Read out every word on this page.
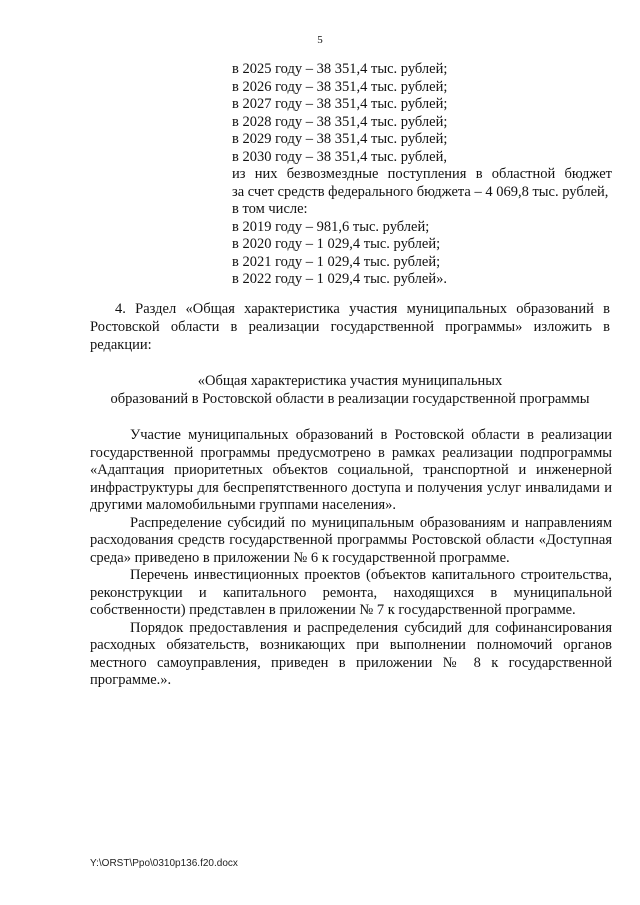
5
в 2025 году – 38 351,4 тыс. рублей;
в 2026 году – 38 351,4 тыс. рублей;
в 2027 году – 38 351,4 тыс. рублей;
в 2028 году – 38 351,4 тыс. рублей;
в 2029 году – 38 351,4 тыс. рублей;
в 2030 году – 38 351,4 тыс. рублей,
из них безвозмездные поступления в областной бюджет
за счет средств федерального бюджета – 4 069,8 тыс. рублей,
в том числе:
в 2019 году – 981,6 тыс. рублей;
в 2020 году – 1 029,4 тыс. рублей;
в 2021 году – 1 029,4 тыс. рублей;
в 2022 году – 1 029,4 тыс. рублей».
4. Раздел «Общая характеристика участия муниципальных образований в Ростовской области в реализации государственной программы» изложить в редакции:
«Общая характеристика участия муниципальных
образований в Ростовской области в реализации государственной программы

Участие муниципальных образований в Ростовской области в реализации государственной программы предусмотрено в рамках реализации подпрограммы «Адаптация приоритетных объектов социальной, транспортной и инженерной инфраструктуры для беспрепятственного доступа и получения услуг инвалидами и другими маломобильными группами населения».

Распределение субсидий по муниципальным образованиям и направлениям расходования средств государственной программы Ростовской области «Доступная среда» приведено в приложении № 6 к государственной программе.

Перечень инвестиционных проектов (объектов капитального строительства, реконструкции и капитального ремонта, находящихся в муниципальной собственности) представлен в приложении № 7 к государственной программе.

Порядок предоставления и распределения субсидий для софинансирования расходных обязательств, возникающих при выполнении полномочий органов местного самоуправления, приведен в приложении № 8 к государственной программе.».

Y:\ORST\Ppo\0310p136.f20.docx
